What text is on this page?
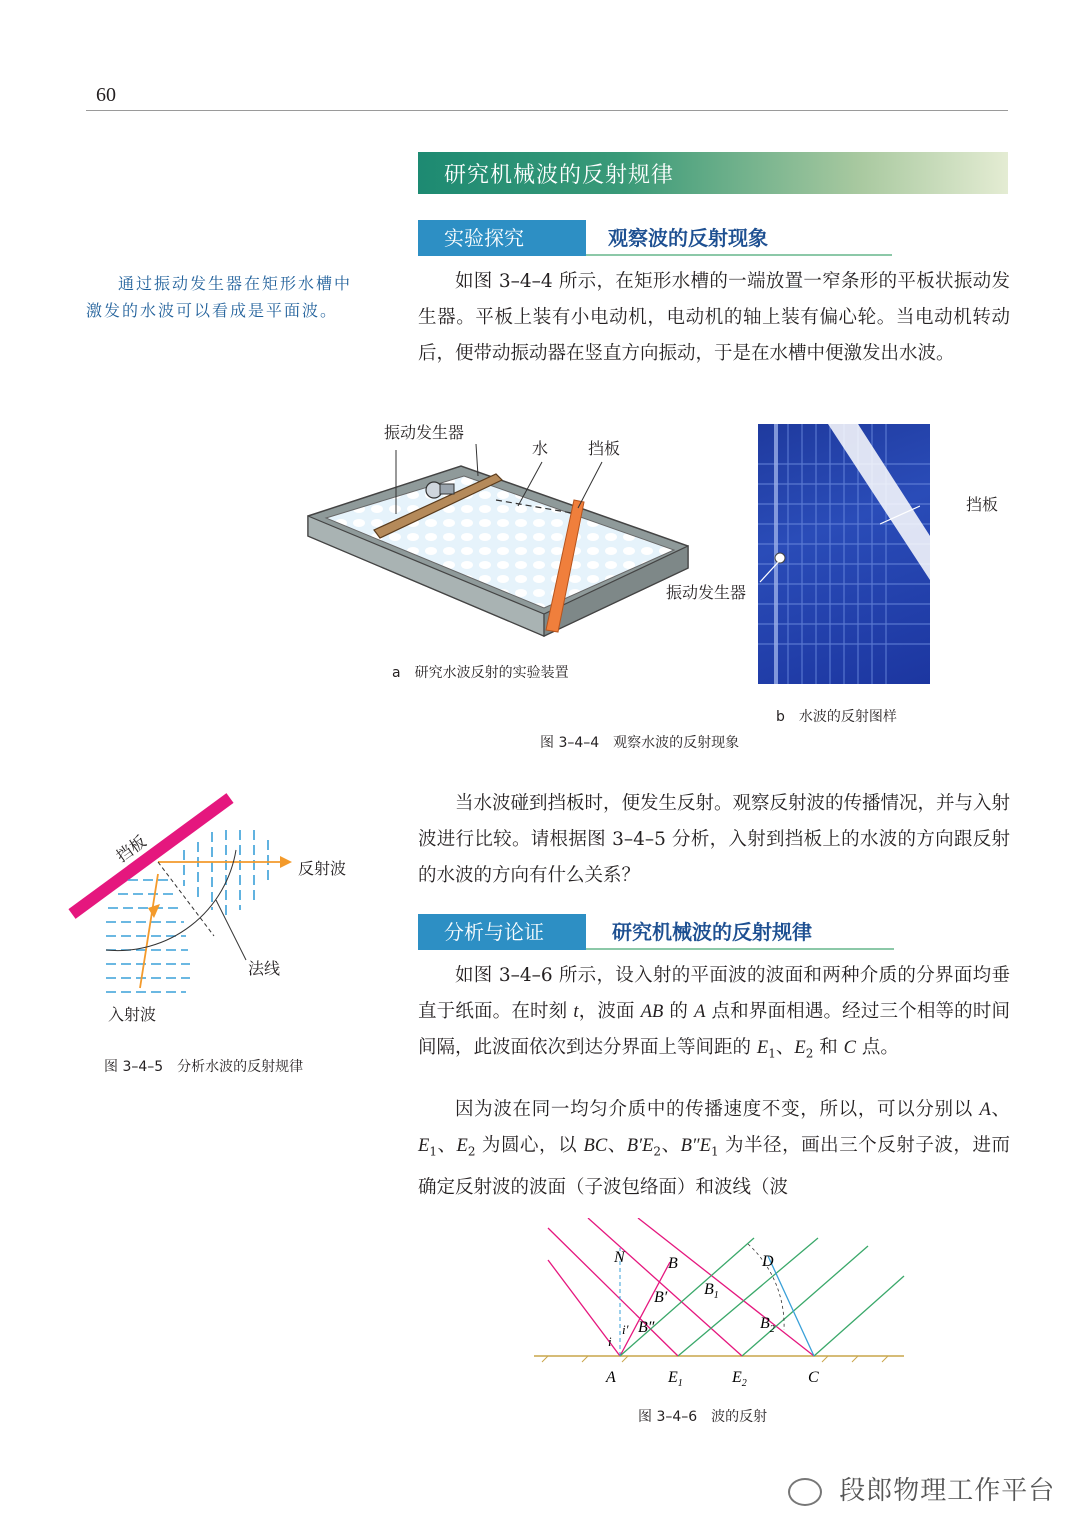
60
研究机械波的反射规律
通过振动发生器在矩形水槽中激发的水波可以看成是平面波。
实验探究	观察波的反射现象

如图 3–4–4 所示，在矩形水槽的一端放置一窄条形的平板状振动发生器。平板上装有小电动机，电动机的轴上装有偏心轮。当电动机转动后，便带动振动器在竖直方向振动，于是在水槽中便激发出水波。

振动发生器
水 挡板
a　研究水波反射的实验装置
挡板
振动发生器
b　水波的反射图样
图 3–4–4　观察水波的反射现象

当水波碰到挡板时，便发生反射。观察反射波的传播情况，并与入射波进行比较。请根据图 3–4–5 分析，入射到挡板上的水波的方向跟反射的水波的方向有什么关系？

挡板
反射波
法线
入射波
图 3–4–5　分析水波的反射规律
分析与论证	研究机械波的反射规律

如图 3–4–6 所示，设入射的平面波的波面和两种介质的分界面均垂直于纸面。在时刻 t，波面 AB 的 A 点和界面相遇。经过三个相等的时间间隔，此波面依次到达分界面上等间距的 $E_1$、$E_2$ 和 C 点。

因为波在同一均匀介质中的传播速度不变，所以，可以分别以 A、$E_1$、$E_2$ 为圆心，以 BC、$B'E_2$、$B''E_1$ 为半径，画出三个反射子波，进而确定反射波的波面（子波包络面）和波线（波

N	B
B′
B″
$B_1$
D
$B_2$
i
i′
A	$E_1$	$E_2$	C
图 3–4–6　波的反射
段郎物理工作平台
